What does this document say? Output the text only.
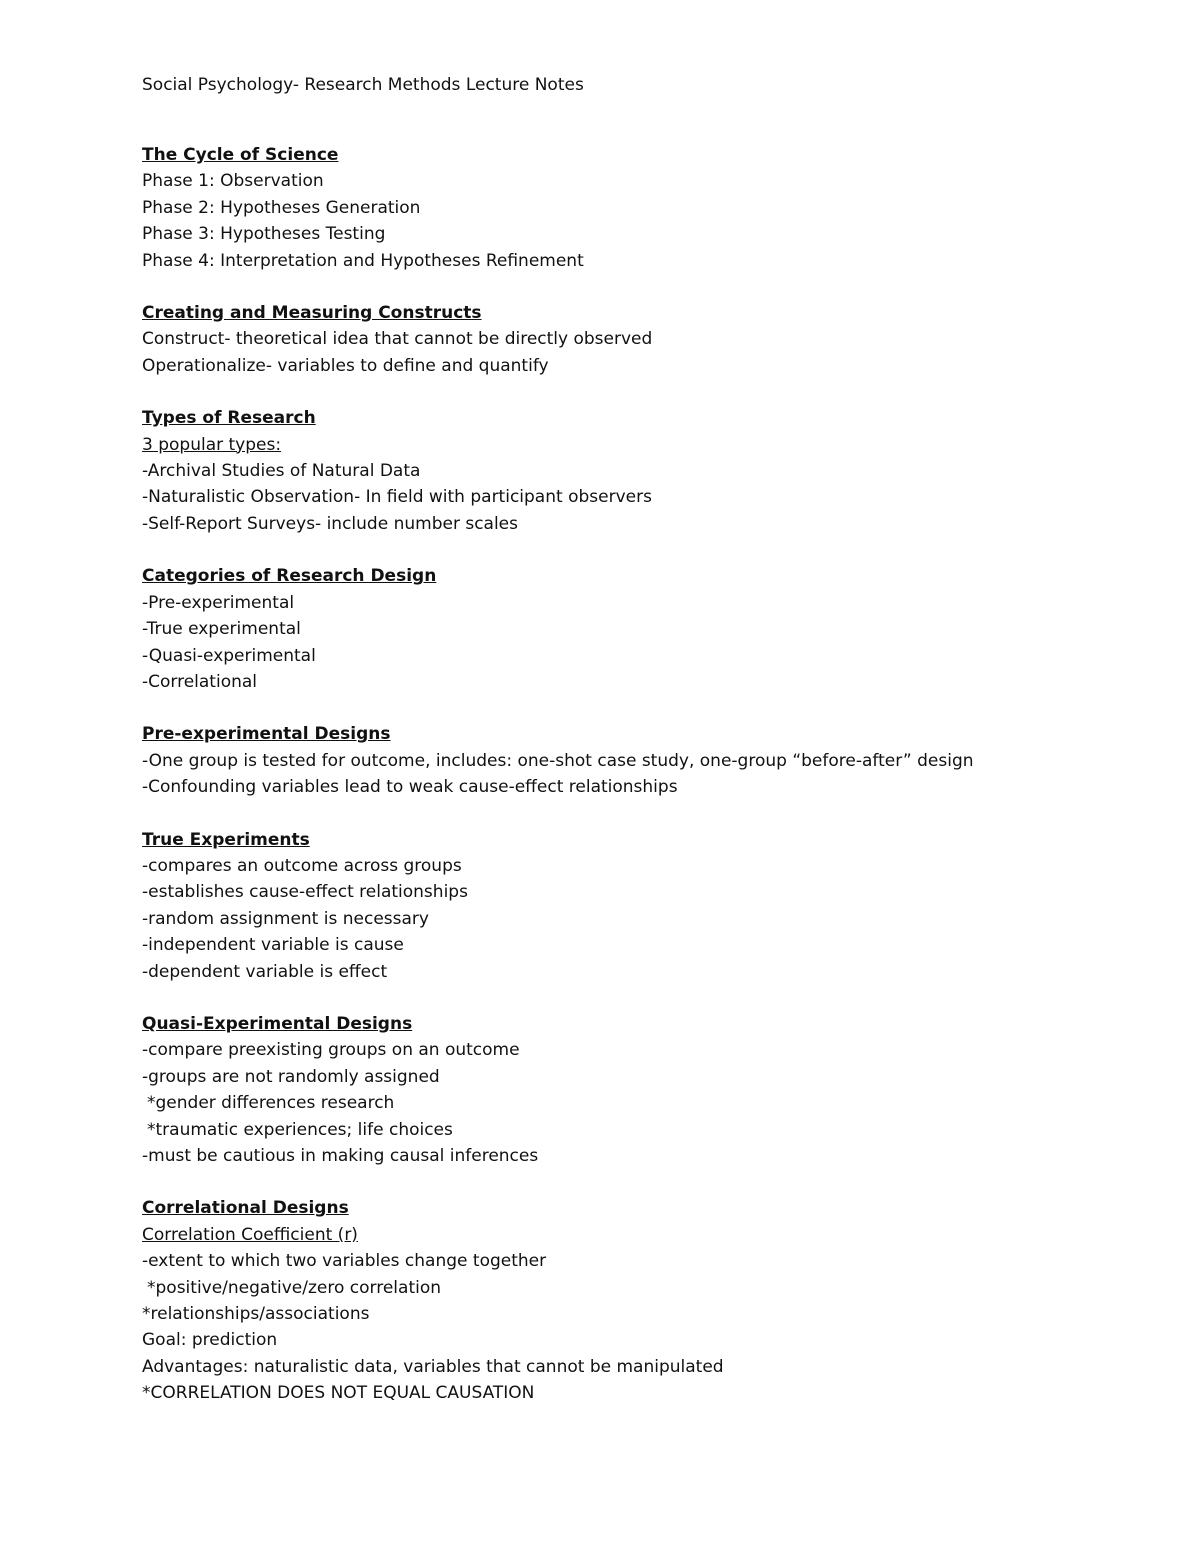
Social Psychology- Research Methods Lecture Notes
The Cycle of Science
Phase 1: Observation
Phase 2: Hypotheses Generation
Phase 3: Hypotheses Testing
Phase 4: Interpretation and Hypotheses Refinement
Creating and Measuring Constructs
Construct- theoretical idea that cannot be directly observed
Operationalize- variables to define and quantify
Types of Research
3 popular types:
-Archival Studies of Natural Data
-Naturalistic Observation- In field with participant observers
-Self-Report Surveys- include number scales
Categories of Research Design
-Pre-experimental
-True experimental
-Quasi-experimental
-Correlational
Pre-experimental Designs
-One group is tested for outcome, includes: one-shot case study, one-group “before-after” design
-Confounding variables lead to weak cause-effect relationships
True Experiments
-compares an outcome across groups
-establishes cause-effect relationships
-random assignment is necessary
-independent variable is cause
-dependent variable is effect
Quasi-Experimental Designs
-compare preexisting groups on an outcome
-groups are not randomly assigned
*gender differences research
*traumatic experiences; life choices
-must be cautious in making causal inferences
Correlational Designs
Correlation Coefficient (r)
-extent to which two variables change together
*positive/negative/zero correlation
*relationships/associations
Goal: prediction
Advantages: naturalistic data, variables that cannot be manipulated
*CORRELATION DOES NOT EQUAL CAUSATION
